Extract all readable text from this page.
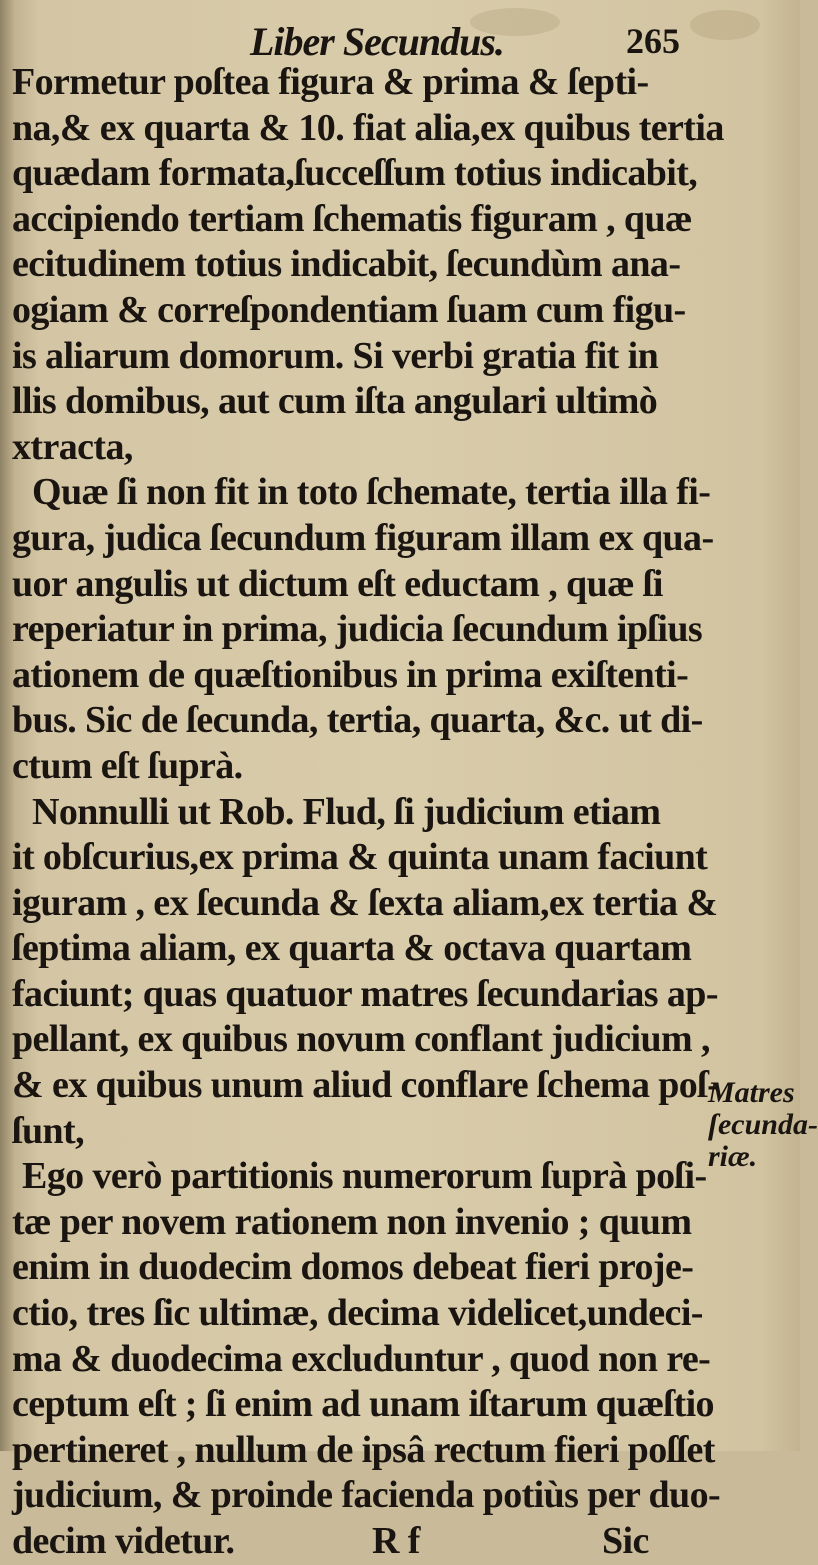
Liber Secundus.	265
Formetur poſtea figura & prima & ſepti-
na,& ex quarta & 10. fiat alia,ex quibus tertia
quædam formata,ſucceſſum totius indicabit,
accipiendo tertiam ſchematis figuram , quæ
ecitudinem totius indicabit, ſecundùm ana-
ogiam & correſpondentiam ſuam cum figu-
is aliarum domorum. Si verbi gratia fit in
llis domibus, aut cum iſta angulari ultimò
xtracta,
Quæ ſi non fit in toto ſchemate, tertia illa fi-
gura, judica ſecundum figuram illam ex qua-
uor angulis ut dictum eſt eductam , quæ ſi
reperiatur in prima, judicia ſecundum ipſius
ationem de quæſtionibus in prima exiſtenti-
bus. Sic de ſecunda, tertia, quarta, &c. ut di-
ctum eſt ſuprà.
Nonnulli ut Rob. Flud, ſi judicium etiam
it obſcurius,ex prima & quinta unam faciunt
iguram , ex ſecunda & ſexta aliam,ex tertia &
ſeptima aliam, ex quarta & octava quartam
faciunt; quas quatuor matres ſecundarias ap-
pellant, ex quibus novum conflant judicium ,
& ex quibus unum aliud conflare ſchema poſ-
ſunt,
Ego verò partitionis numerorum ſuprà poſi-
tæ per novem rationem non invenio ; quum
enim in duodecim domos debeat fieri proje-
ctio, tres ſic ultimæ, decima videlicet,undeci-
ma & duodecima excluduntur , quod non re-
ceptum eſt ; ſi enim ad unam iſtarum quæſtio
pertineret , nullum de ipsâ rectum fieri poſſet
judicium, & proinde facienda potiùs per duo-
decim videtur.	R f	Sic
Matres
ſecunda-
riæ.
